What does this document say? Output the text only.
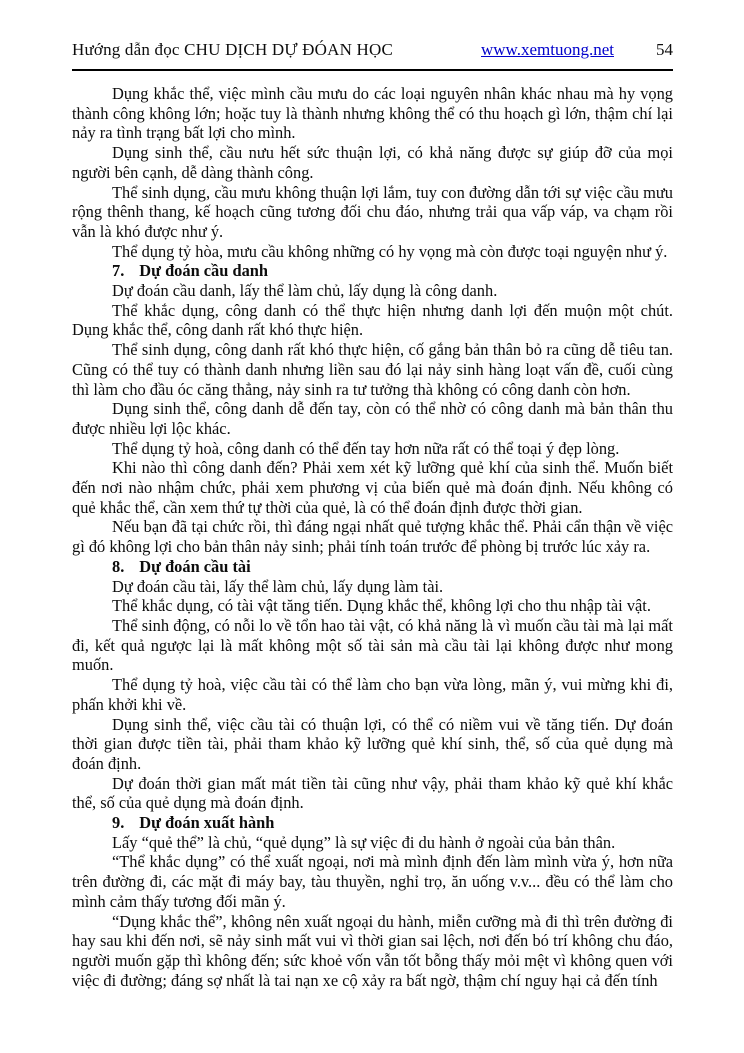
Hướng dẫn đọc CHU DỊCH DỰ ĐÓAN HỌC	www.xemtuong.net 54

Dụng khắc thể, việc mình cầu mưu do các loại nguyên nhân khác nhau mà hy vọng thành công không lớn; hoặc tuy là thành nhưng không thể có thu hoạch gì lớn, thậm chí lại nảy ra tình trạng bất lợi cho mình.

Dụng sinh thể, cầu nưu hết sức thuận lợi, có khả năng được sự giúp đỡ của mọi người bên cạnh, dễ dàng thành công.

Thể sinh dụng, cầu mưu không thuận lợi lắm, tuy con đường dẫn tới sự việc cầu mưu rộng thênh thang, kế hoạch cũng tương đối chu đáo, nhưng trải qua vấp váp, va chạm rồi vẫn là khó được như ý.

Thể dụng tỷ hòa, mưu cầu không những có hy vọng mà còn được toại nguyện như ý.

7. Dự đoán cầu danh

Dự đoán cầu danh, lấy thể làm chủ, lấy dụng là công danh.

Thể khắc dụng, công danh có thể thực hiện nhưng danh lợi đến muộn một chút. Dụng khắc thể, công danh rất khó thực hiện.

Thể sinh dụng, công danh rất khó thực hiện, cố gắng bản thân bỏ ra cũng dễ tiêu tan. Cũng có thể tuy có thành danh nhưng liền sau đó lại nảy sinh hàng loạt vấn đề, cuối cùng thì làm cho đầu óc căng thẳng, nảy sinh ra tư tưởng thà không có công danh còn hơn.

Dụng sinh thể, công danh dễ đến tay, còn có thể nhờ có công danh mà bản thân thu được nhiều lợi lộc khác.

Thể dụng tỷ hoà, công danh có thể đến tay hơn nữa rất có thể toại ý đẹp lòng.

Khi nào thì công danh đến? Phải xem xét kỹ lưỡng quẻ khí của sinh thể. Muốn biết đến nơi nào nhậm chức, phải xem phương vị của biến quẻ mà đoán định. Nếu không có quẻ khắc thể, cần xem thứ tự thời của quẻ, là có thể đoán định được thời gian.

Nếu bạn đã tại chức rồi, thì đáng ngại nhất quẻ tượng khắc thể. Phải cẩn thận về việc gì đó không lợi cho bản thân nảy sinh; phải tính toán trước để phòng bị trước lúc xảy ra.

8. Dự đoán cầu tài

Dự đoán cầu tài, lấy thể làm chủ, lấy dụng làm tài.

Thể khắc dụng, có tài vật tăng tiến. Dụng khắc thể, không lợi cho thu nhập tài vật.

Thể sinh động, có nỗi lo về tổn hao tài vật, có khả năng là vì muốn cầu tài mà lại mất đi, kết quả ngược lại là mất không một số tài sản mà cầu tài lại không được như mong muốn.

Thể dụng tỷ hoà, việc cầu tài có thể làm cho bạn vừa lòng, mãn ý, vui mừng khi đi, phấn khởi khi về.

Dụng sinh thể, việc cầu tài có thuận lợi, có thể có niềm vui về tăng tiến. Dự đoán thời gian được tiền tài, phải tham khảo kỹ lưỡng quẻ khí sinh, thể, số của quẻ dụng mà đoán định.

Dự đoán thời gian mất mát tiền tài cũng như vậy, phải tham khảo kỹ quẻ khí khắc thể, số của quẻ dụng mà đoán định.

9. Dự đoán xuất hành

Lấy “quẻ thể” là chủ, “quẻ dụng” là sự việc đi du hành ở ngoài của bản thân.

“Thể khắc dụng” có thể xuất ngoại, nơi mà mình định đến làm mình vừa ý, hơn nữa trên đường đi, các mặt đi máy bay, tàu thuyền, nghỉ trọ, ăn uống v.v... đều có thể làm cho mình cảm thấy tương đối mãn ý.

“Dụng khắc thể”, không nên xuất ngoại du hành, miễn cưỡng mà đi thì trên đường đi hay sau khi đến nơi, sẽ nảy sinh mất vui vì thời gian sai lệch, nơi đến bó trí không chu đáo, người muốn gặp thì không đến; sức khoẻ vốn vẫn tốt bỗng thấy mỏi mệt vì không quen với việc đi đường; đáng sợ nhất là tai nạn xe cộ xảy ra bất ngờ, thậm chí nguy hại cả đến tính
